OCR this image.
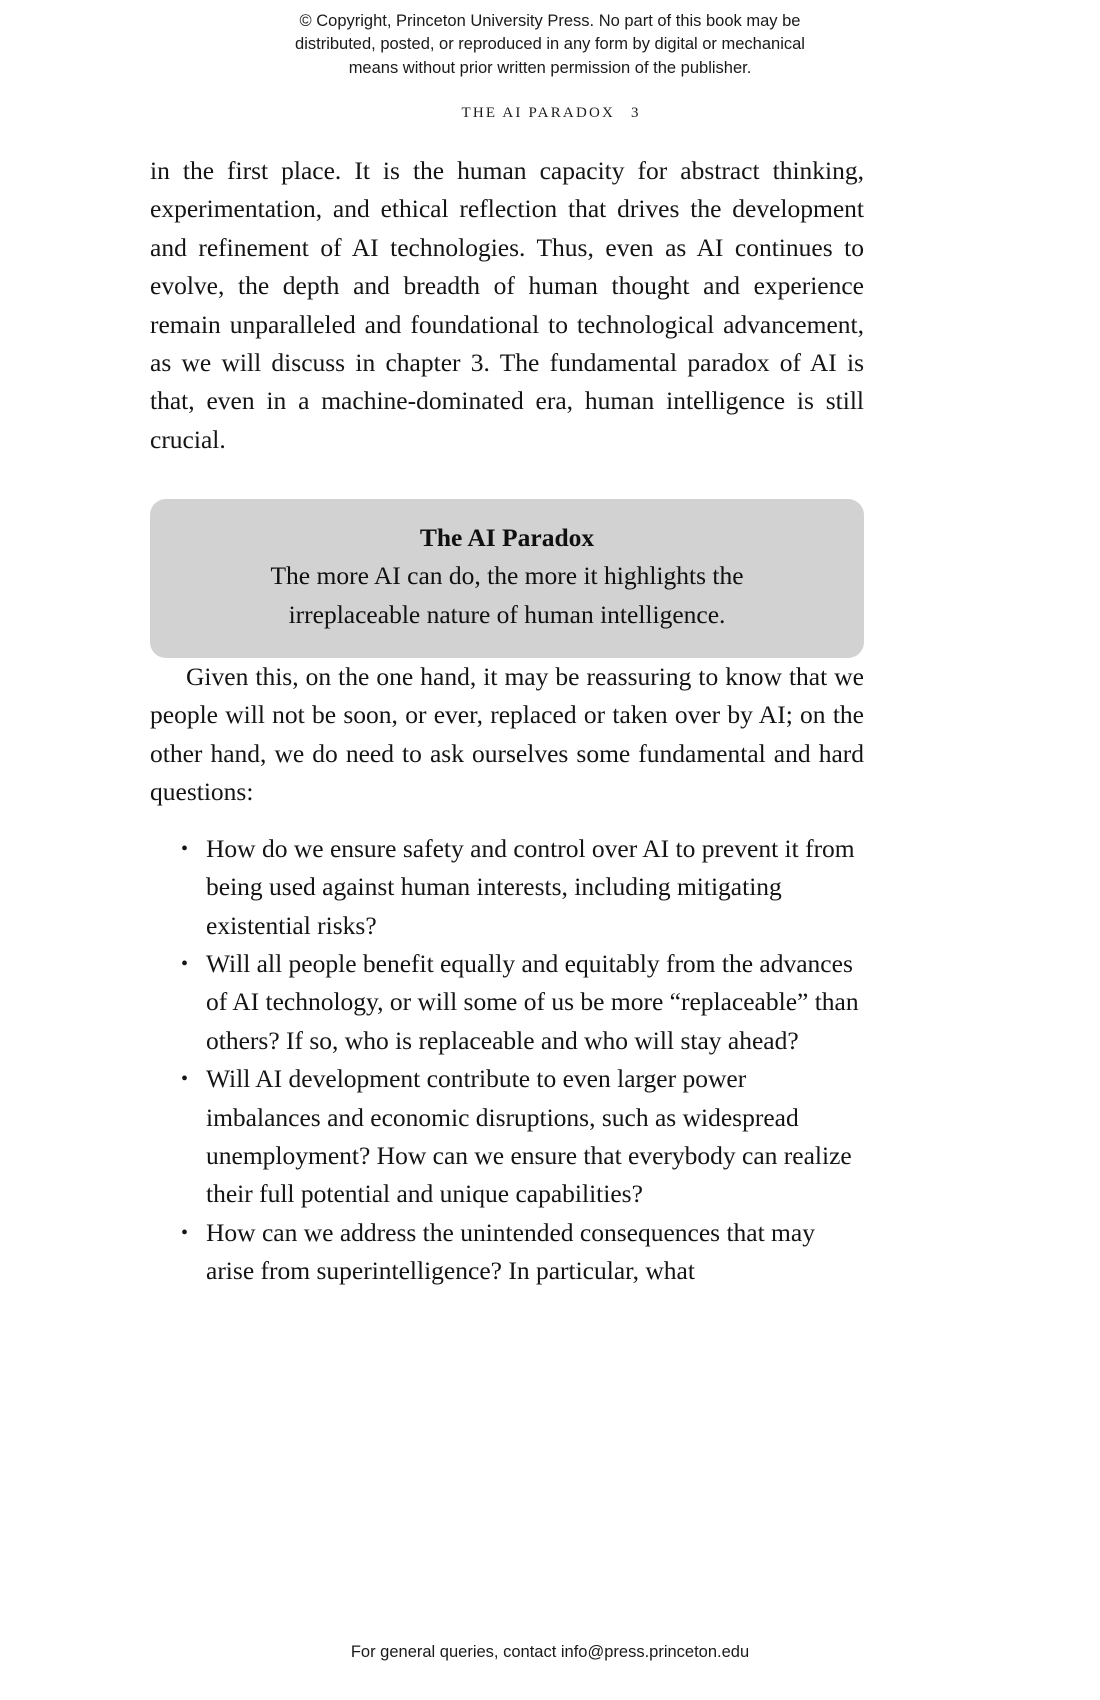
© Copyright, Princeton University Press. No part of this book may be
distributed, posted, or reproduced in any form by digital or mechanical
means without prior written permission of the publisher.
THE AI PARADOX 3

in the first place. It is the human capacity for abstract thinking, experimentation, and ethical reflection that drives the development and refinement of AI technologies. Thus, even as AI continues to evolve, the depth and breadth of human thought and experience remain unparalleled and foundational to technological advancement, as we will discuss in chapter 3. The fundamental paradox of AI is that, even in a machine-dominated era, human intelligence is still crucial.

The AI Paradox
The more AI can do, the more it highlights the
irreplaceable nature of human intelligence.

Given this, on the one hand, it may be reassuring to know that we people will not be soon, or ever, replaced or taken over by AI; on the other hand, we do need to ask ourselves some fundamental and hard questions:

• How do we ensure safety and control over AI to prevent it from being used against human interests, including mitigating existential risks?
• Will all people benefit equally and equitably from the advances of AI technology, or will some of us be more “replaceable” than others? If so, who is replaceable and who will stay ahead?
• Will AI development contribute to even larger power imbalances and economic disruptions, such as widespread unemployment? How can we ensure that everybody can realize their full potential and unique capabilities?
• How can we address the unintended consequences that may arise from superintelligence? In particular, what
For general queries, contact info@press.princeton.edu
